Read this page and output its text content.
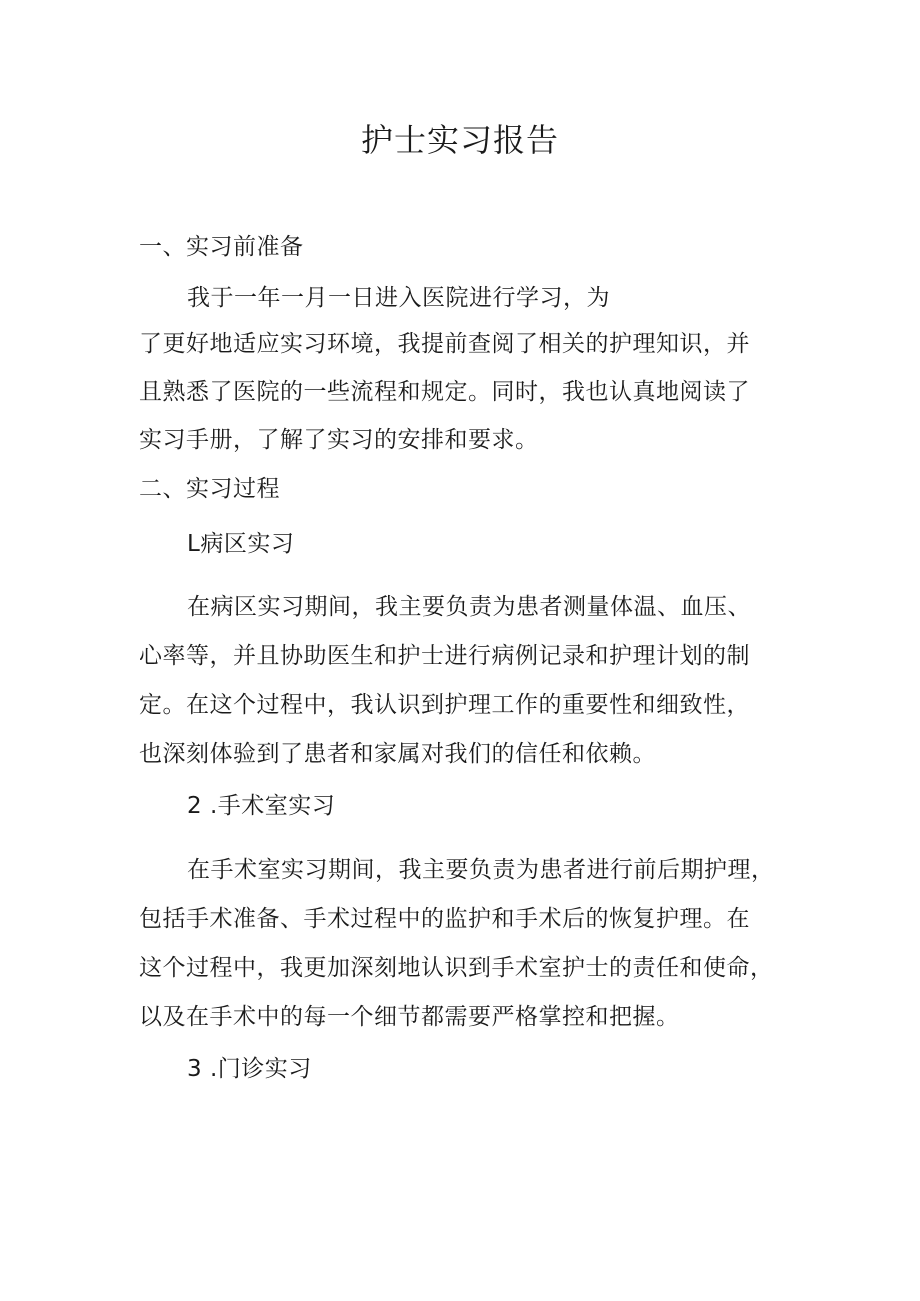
护士实习报告

一、实习前准备

我于一年一月一日进入医院进行学习，为

了更好地适应实习环境，我提前查阅了相关的护理知识，并

且熟悉了医院的一些流程和规定。同时，我也认真地阅读了

实习手册，了解了实习的安排和要求。

二、实习过程

L病区实习

在病区实习期间，我主要负责为患者测量体温、血压、

心率等，并且协助医生和护士进行病例记录和护理计划的制

定。在这个过程中，我认识到护理工作的重要性和细致性，

也深刻体验到了患者和家属对我们的信任和依赖。

2 .手术室实习

在手术室实习期间，我主要负责为患者进行前后期护理，

包括手术准备、手术过程中的监护和手术后的恢复护理。在

这个过程中，我更加深刻地认识到手术室护士的责任和使命，

以及在手术中的每一个细节都需要严格掌控和把握。

3 .门诊实习
